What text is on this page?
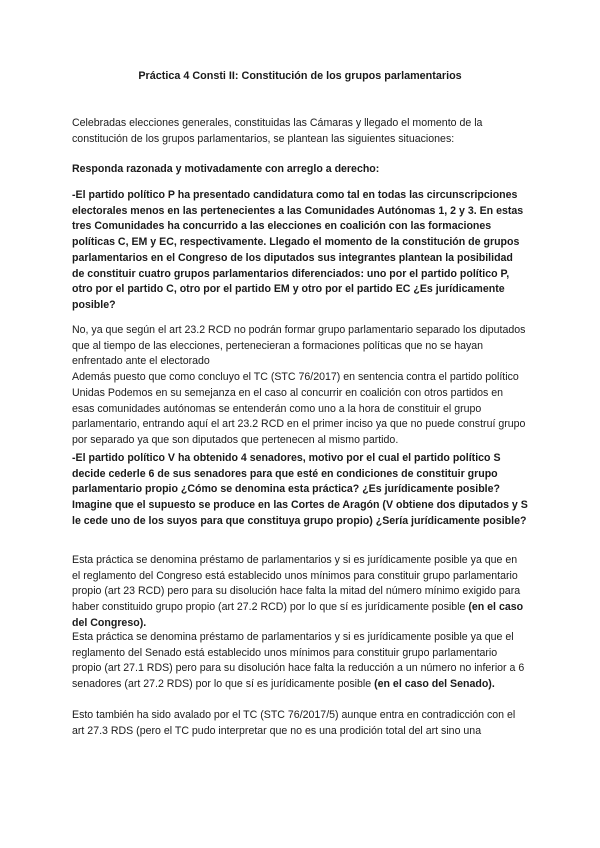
Práctica 4 Consti II: Constitución de los grupos parlamentarios

Celebradas elecciones generales, constituidas las Cámaras y llegado el momento de la constitución de los grupos parlamentarios, se plantean las siguientes situaciones:

Responda razonada y motivadamente con arreglo a derecho:

-El partido político P ha presentado candidatura como tal en todas las circunscripciones electorales menos en las pertenecientes a las Comunidades Autónomas 1, 2 y 3. En estas tres Comunidades ha concurrido a las elecciones en coalición con las formaciones políticas C, EM y EC, respectivamente. Llegado el momento de la constitución de grupos parlamentarios en el Congreso de los diputados sus integrantes plantean la posibilidad de constituir cuatro grupos parlamentarios diferenciados: uno por el partido político P, otro por el partido C, otro por el partido EM y otro por el partido EC ¿Es jurídicamente posible?

No, ya que según el art 23.2 RCD no podrán formar grupo parlamentario separado los diputados que al tiempo de las elecciones, pertenecieran a formaciones políticas que no se hayan enfrentado ante el electorado

Además puesto que como concluyo el TC (STC 76/2017) en sentencia contra el partido político Unidas Podemos en su semejanza en el caso al concurrir en coalición con otros partidos en esas comunidades autónomas se entenderán como uno a la hora de constituir el grupo parlamentario, entrando aquí el art 23.2 RCD en el primer inciso ya que no puede construí grupo por separado ya que son diputados que pertenecen al mismo partido.

-El partido político V ha obtenido 4 senadores, motivo por el cual el partido político S decide cederle 6 de sus senadores para que esté en condiciones de constituir grupo parlamentario propio ¿Cómo se denomina esta práctica? ¿Es jurídicamente posible? Imagine que el supuesto se produce en las Cortes de Aragón (V obtiene dos diputados y S le cede uno de los suyos para que constituya grupo propio) ¿Sería jurídicamente posible?

Esta práctica se denomina préstamo de parlamentarios y si es jurídicamente posible ya que en el reglamento del Congreso está establecido unos mínimos para constituir grupo parlamentario propio (art 23 RCD) pero para su disolución hace falta la mitad del número mínimo exigido para haber constituido grupo propio (art 27.2 RCD) por lo que sí es jurídicamente posible (en el caso del Congreso).

Esta práctica se denomina préstamo de parlamentarios y si es jurídicamente posible ya que el reglamento del Senado está establecido unos mínimos para constituir grupo parlamentario propio (art 27.1 RDS) pero para su disolución hace falta la reducción a un número no inferior a 6 senadores (art 27.2 RDS) por lo que sí es jurídicamente posible (en el caso del Senado).

Esto también ha sido avalado por el TC (STC 76/2017/5) aunque entra en contradicción con el art 27.3 RDS (pero el TC pudo interpretar que no es una prodición total del art sino una
